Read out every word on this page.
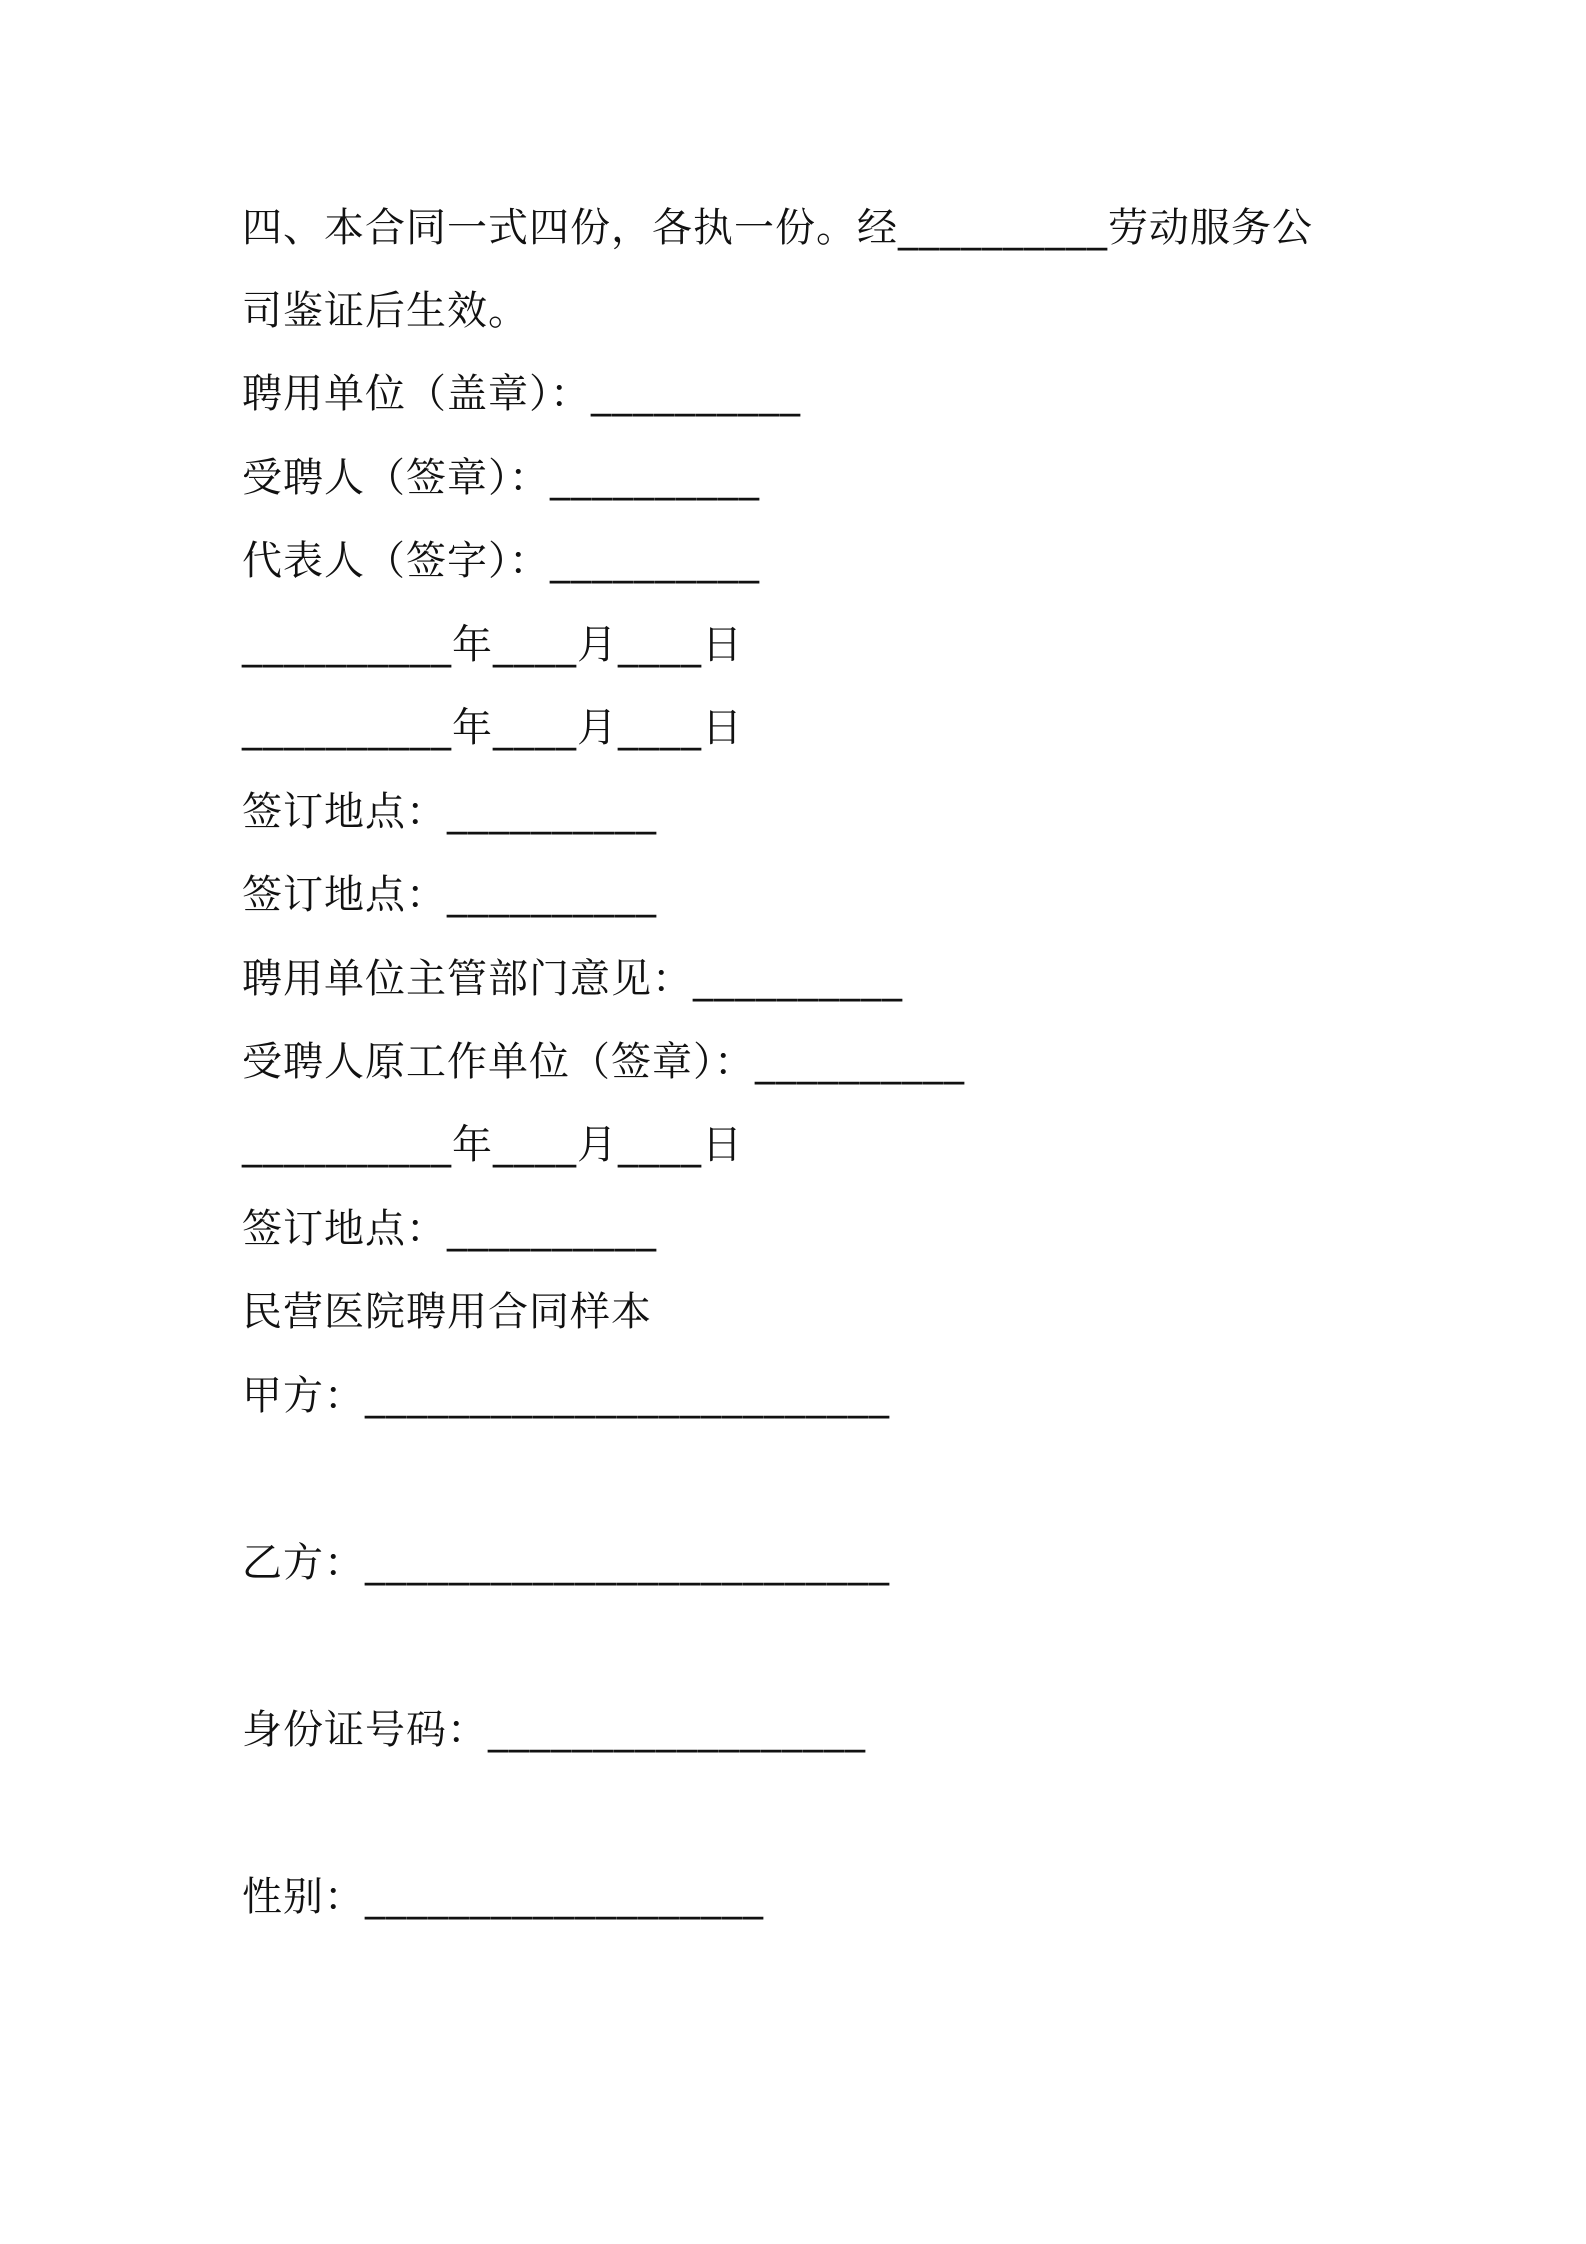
四、本合同一式四份，各执一份。经__________劳动服务公
司鉴证后生效。
聘用单位（盖章）：__________
受聘人（签章）：__________
代表人（签字）：__________
__________年____月____日
__________年____月____日
签订地点：__________
签订地点：__________
聘用单位主管部门意见：__________
受聘人原工作单位（签章）：__________
__________年____月____日
签订地点：__________
民营医院聘用合同样本
甲方：_________________________
乙方：_________________________
身份证号码：__________________
性别：___________________
